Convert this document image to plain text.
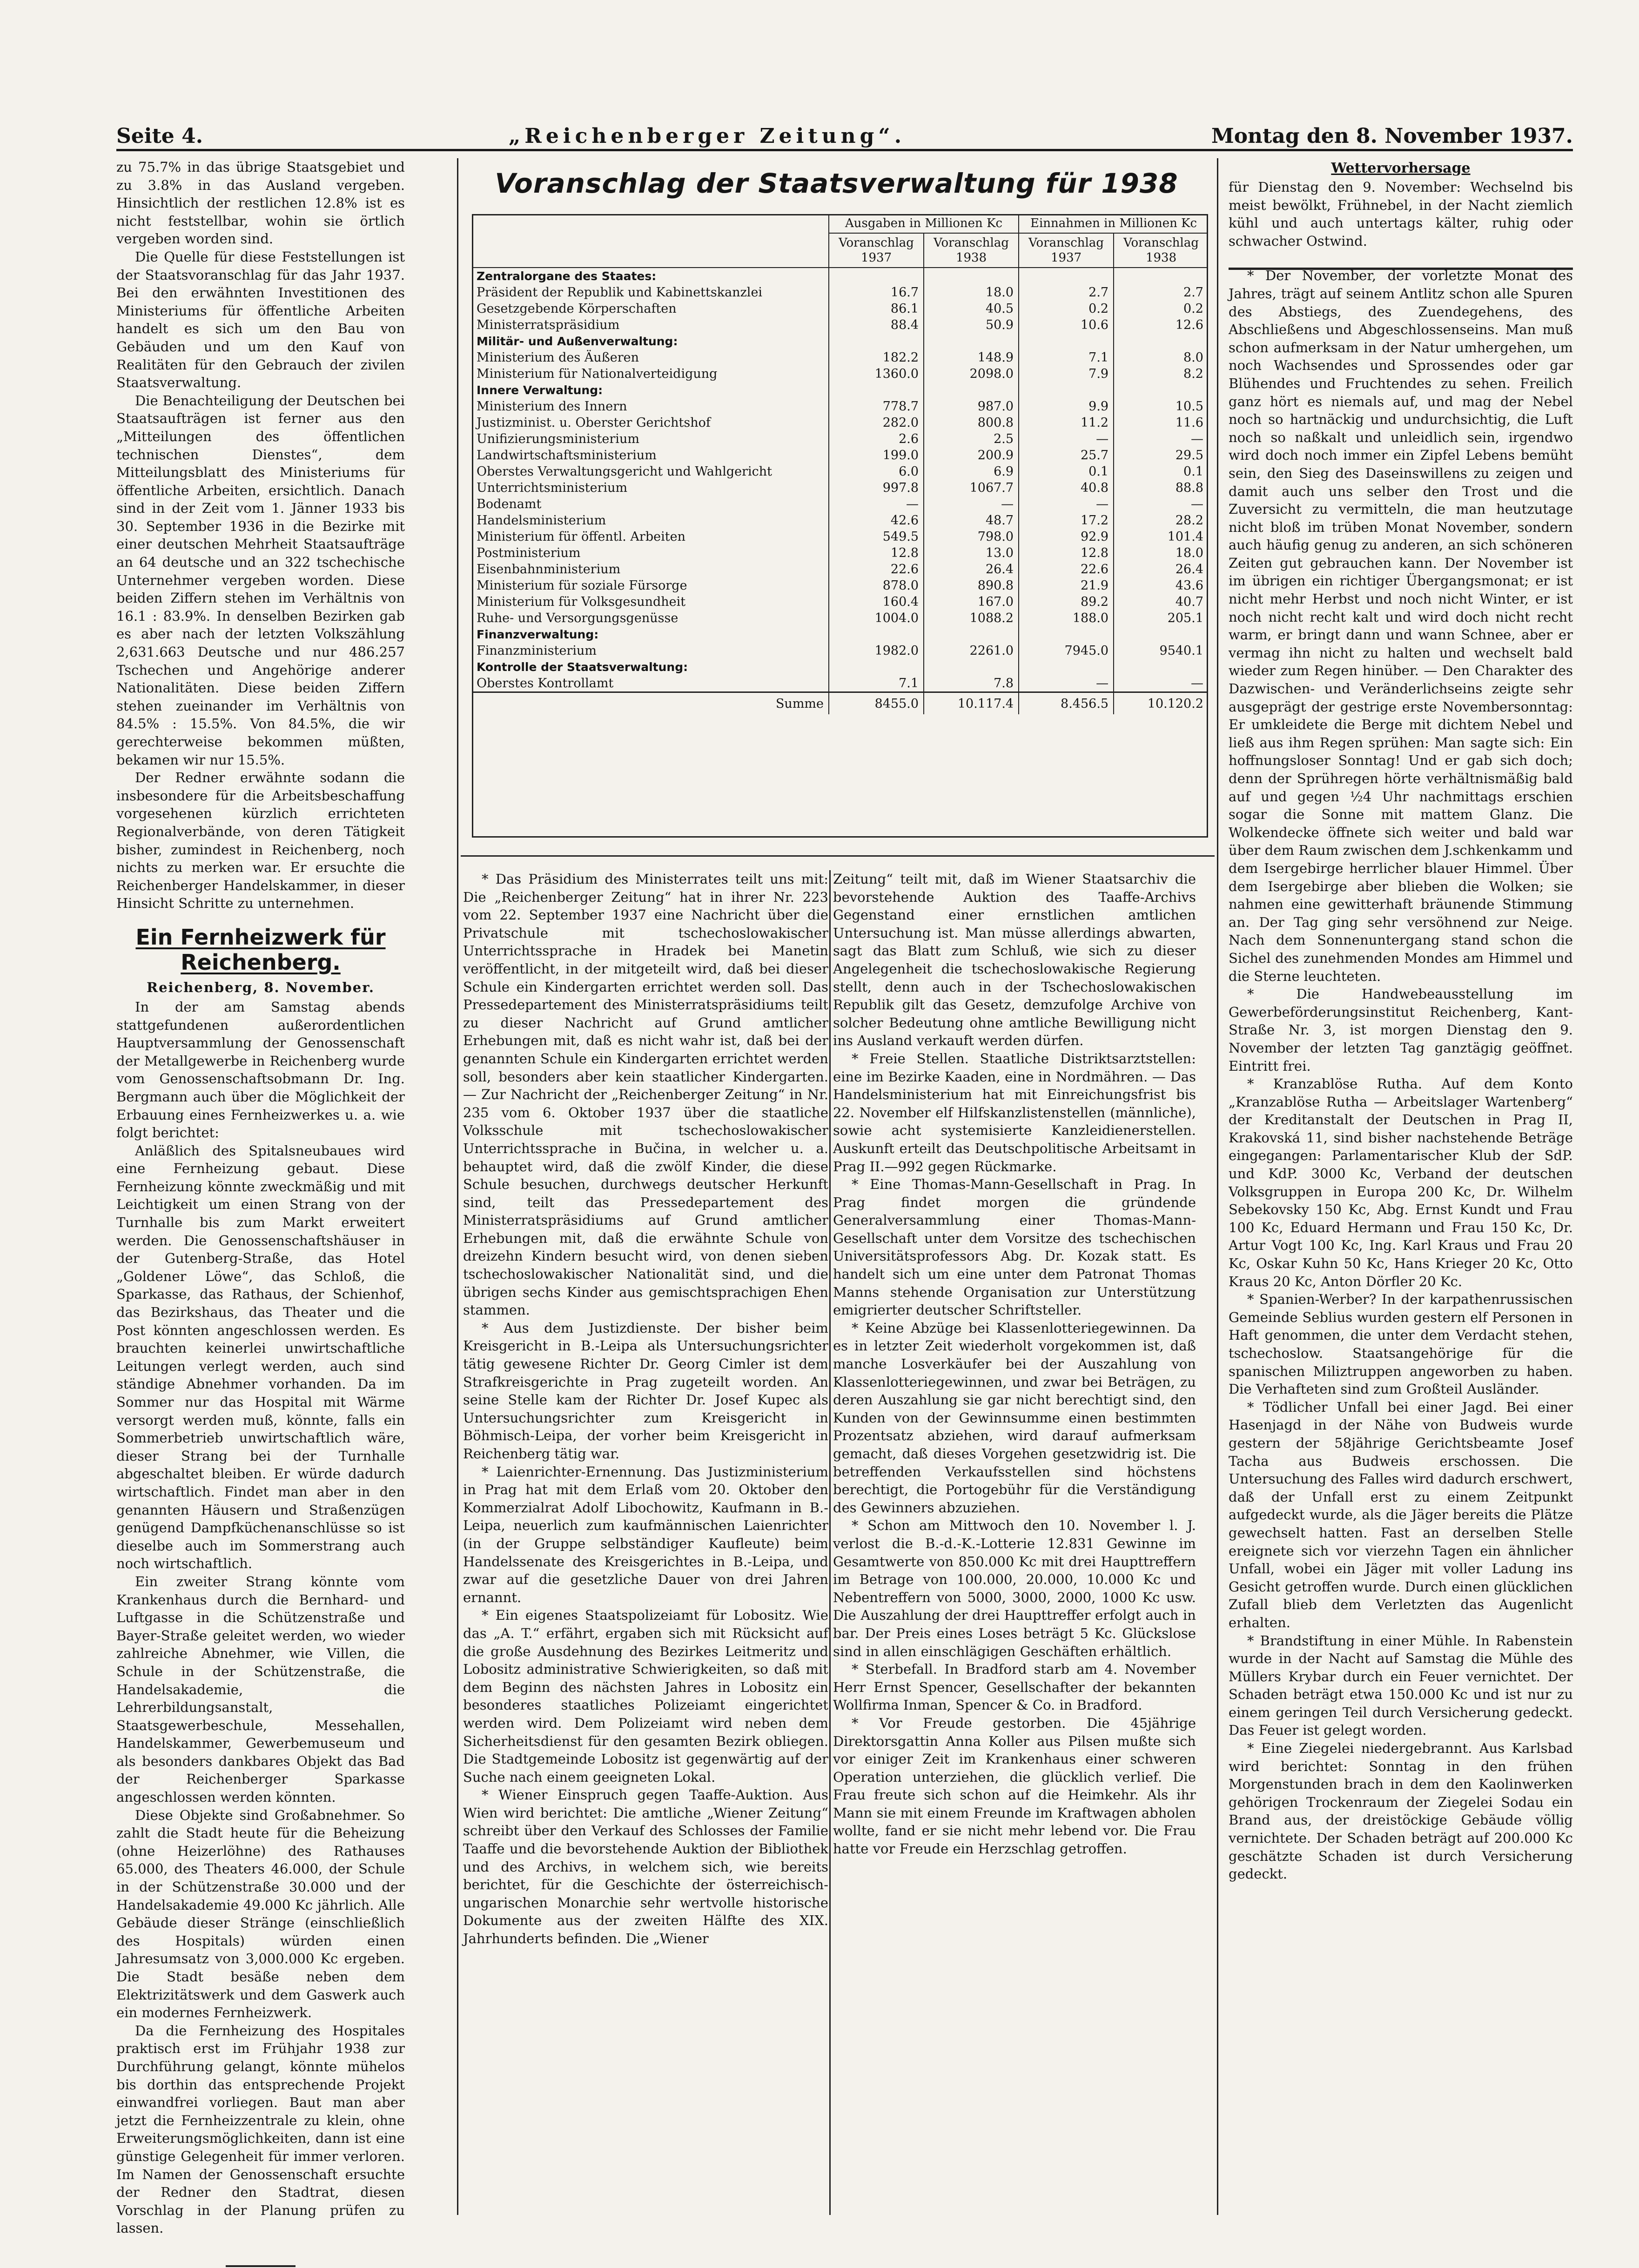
Seite 4.	„Reichenberger Zeitung“.	Montag den 8. November 1937.

zu 75.7% in das übrige Staatsgebiet und zu 3.8% in das Ausland vergeben. Hinsichtlich der restlichen 12.8% ist es nicht feststellbar, wohin sie örtlich vergeben worden sind.

Die Quelle für diese Feststellungen ist der Staatsvoranschlag für das Jahr 1937. Bei den erwähnten Investitionen des Ministeriums für öffentliche Arbeiten handelt es sich um den Bau von Gebäuden und um den Kauf von Realitäten für den Gebrauch der zivilen Staatsverwaltung.

Die Benachteiligung der Deutschen bei Staatsaufträgen ist ferner aus den „Mitteilungen des öffentlichen technischen Dienstes“, dem Mitteilungsblatt des Ministeriums für öffentliche Arbeiten, ersichtlich. Danach sind in der Zeit vom 1. Jänner 1933 bis 30. September 1936 in die Bezirke mit einer deutschen Mehrheit Staatsaufträge an 64 deutsche und an 322 tschechische Unternehmer vergeben worden. Diese beiden Ziffern stehen im Verhältnis von 16.1 : 83.9%. In denselben Bezirken gab es aber nach der letzten Volkszählung 2,631.663 Deutsche und nur 486.257 Tschechen und Angehörige anderer Nationalitäten. Diese beiden Ziffern stehen zueinander im Verhältnis von 84.5% : 15.5%. Von 84.5%, die wir gerechterweise bekommen müßten, bekamen wir nur 15.5%.

Der Redner erwähnte sodann die insbesondere für die Arbeitsbeschaffung vorgesehenen kürzlich errichteten Regionalverbände, von deren Tätigkeit bisher, zumindest in Reichenberg, noch nichts zu merken war. Er ersuchte die Reichenberger Handelskammer, in dieser Hinsicht Schritte zu unternehmen.

Ein Fernheizwerk für Reichenberg.
Reichenberg, 8. November.

In der am Samstag abends stattgefundenen außerordentlichen Hauptversammlung der Genossenschaft der Metallgewerbe in Reichenberg wurde vom Genossenschaftsobmann Dr. Ing. Bergmann auch über die Möglichkeit der Erbauung eines Fernheizwerkes u. a. wie folgt berichtet:

Anläßlich des Spitalsneubaues wird eine Fernheizung gebaut. Diese Fernheizung könnte zweckmäßig und mit Leichtigkeit um einen Strang von der Turnhalle bis zum Markt erweitert werden. Die Genossenschaftshäuser in der Gutenberg-Straße, das Hotel „Goldener Löwe“, das Schloß, die Sparkasse, das Rathaus, der Schienhof, das Bezirkshaus, das Theater und die Post könnten angeschlossen werden. Es brauchten keinerlei unwirtschaftliche Leitungen verlegt werden, auch sind ständige Abnehmer vorhanden. Da im Sommer nur das Hospital mit Wärme versorgt werden muß, könnte, falls ein Sommerbetrieb unwirtschaftlich wäre, dieser Strang bei der Turnhalle abgeschaltet bleiben. Er würde dadurch wirtschaftlich. Findet man aber in den genannten Häusern und Straßenzügen genügend Dampfküchenanschlüsse so ist dieselbe auch im Sommerstrang auch noch wirtschaftlich.

Ein zweiter Strang könnte vom Krankenhaus durch die Bernhard- und Luftgasse in die Schützenstraße und Bayer-Straße geleitet werden, wo wieder zahlreiche Abnehmer, wie Villen, die Schule in der Schützenstraße, die Handelsakademie, die Lehrerbildungsanstalt, Staatsgewerbeschule, Messehallen, Handelskammer, Gewerbemuseum und als besonders dankbares Objekt das Bad der Reichenberger Sparkasse angeschlossen werden könnten.

Diese Objekte sind Großabnehmer. So zahlt die Stadt heute für die Beheizung (ohne Heizerlöhne) des Rathauses 65.000, des Theaters 46.000, der Schule in der Schützenstraße 30.000 und der Handelsakademie 49.000 Kc jährlich. Alle Gebäude dieser Stränge (einschließlich des Hospitals) würden einen Jahresumsatz von 3,000.000 Kc ergeben. Die Stadt besäße neben dem Elektrizitätswerk und dem Gaswerk auch ein modernes Fernheizwerk.

Da die Fernheizung des Hospitales praktisch erst im Frühjahr 1938 zur Durchführung gelangt, könnte mühelos bis dorthin das entsprechende Projekt einwandfrei vorliegen. Baut man aber jetzt die Fernheizzentrale zu klein, ohne Erweiterungsmöglichkeiten, dann ist eine günstige Gelegenheit für immer verloren. Im Namen der Genossenschaft ersuchte der Redner den Stadtrat, diesen Vorschlag in der Planung prüfen zu lassen.

Voranschlag der Staatsverwaltung für 1938
	Ausgaben in Millionen Kc		Einnahmen in Millionen Kc	
	Voranschlag 1937	Voranschlag 1938	Voranschlag 1937	Voranschlag 1938
Zentralorgane des Staates:				
Präsident der Republik und Kabinettskanzlei	16.7	18.0	2.7	2.7
Gesetzgebende Körperschaften	86.1	40.5	0.2	0.2
Ministerratspräsidium	88.4	50.9	10.6	12.6
Militär- und Außenverwaltung:				
Ministerium des Äußeren	182.2	148.9	7.1	8.0
Ministerium für Nationalverteidigung	1360.0	2098.0	7.9	8.2
Innere Verwaltung:				
Ministerium des Innern	778.7	987.0	9.9	10.5
Justizminist. u. Oberster Gerichtshof	282.0	800.8	11.2	11.6
Unifizierungsministerium	2.6	2.5	—	—
Landwirtschaftsministerium	199.0	200.9	25.7	29.5
Oberstes Verwaltungsgericht und Wahlgericht	6.0	6.9	0.1	0.1
Unterrichtsministerium	997.8	1067.7	40.8	88.8
Bodenamt	—	—	—	—
Handelsministerium	42.6	48.7	17.2	28.2
Ministerium für öffentl. Arbeiten	549.5	798.0	92.9	101.4
Postministerium	12.8	13.0	12.8	18.0
Eisenbahnministerium	22.6	26.4	22.6	26.4
Ministerium für soziale Fürsorge	878.0	890.8	21.9	43.6
Ministerium für Volksgesundheit	160.4	167.0	89.2	40.7
Ruhe- und Versorgungsgenüsse	1004.0	1088.2	188.0	205.1
Finanzverwaltung:				
Finanzministerium	1982.0	2261.0	7945.0	9540.1
Kontrolle der Staatsverwaltung:				
Oberstes Kontrollamt	7.1	7.8	—	—
Summe	8455.0	10.117.4	8.456.5	10.120.2

* Das Präsidium des Ministerrates teilt uns mit: Die „Reichenberger Zeitung“ hat in ihrer Nr. 223 vom 22. September 1937 eine Nachricht über die Privatschule mit tschechoslowakischer Unterrichtssprache in Hradek bei Manetin veröffentlicht, in der mitgeteilt wird, daß bei dieser Schule ein Kindergarten errichtet werden soll. Das Pressedepartement des Ministerratspräsidiums teilt zu dieser Nachricht auf Grund amtlicher Erhebungen mit, daß es nicht wahr ist, daß bei der genannten Schule ein Kindergarten errichtet werden soll, besonders aber kein staatlicher Kindergarten. — Zur Nachricht der „Reichenberger Zeitung“ in Nr. 235 vom 6. Oktober 1937 über die staatliche Volksschule mit tschechoslowakischer Unterrichtssprache in Bučina, in welcher u. a. behauptet wird, daß die zwölf Kinder, die diese Schule besuchen, durchwegs deutscher Herkunft sind, teilt das Pressedepartement des Ministerratspräsidiums auf Grund amtlicher Erhebungen mit, daß die erwähnte Schule von dreizehn Kindern besucht wird, von denen sieben tschechoslowakischer Nationalität sind, und die übrigen sechs Kinder aus gemischtsprachigen Ehen stammen.

* Aus dem Justizdienste. Der bisher beim Kreisgericht in B.-Leipa als Untersuchungsrichter tätig gewesene Richter Dr. Georg Cimler ist dem Strafkreisgerichte in Prag zugeteilt worden. An seine Stelle kam der Richter Dr. Josef Kupec als Untersuchungsrichter zum Kreisgericht in Böhmisch-Leipa, der vorher beim Kreisgericht in Reichenberg tätig war.

* Laienrichter-Ernennung. Das Justizministerium in Prag hat mit dem Erlaß vom 20. Oktober den Kommerzialrat Adolf Libochowitz, Kaufmann in B.-Leipa, neuerlich zum kaufmännischen Laienrichter (in der Gruppe selbständiger Kaufleute) beim Handelssenate des Kreisgerichtes in B.-Leipa, und zwar auf die gesetzliche Dauer von drei Jahren ernannt.

* Ein eigenes Staatspolizeiamt für Lobositz. Wie das „A. T.“ erfährt, ergaben sich mit Rücksicht auf die große Ausdehnung des Bezirkes Leitmeritz und Lobositz administrative Schwierigkeiten, so daß mit dem Beginn des nächsten Jahres in Lobositz ein besonderes staatliches Polizeiamt eingerichtet werden wird. Dem Polizeiamt wird neben dem Sicherheitsdienst für den gesamten Bezirk obliegen. Die Stadtgemeinde Lobositz ist gegenwärtig auf der Suche nach einem geeigneten Lokal.

* Wiener Einspruch gegen Taaffe-Auktion. Aus Wien wird berichtet: Die amtliche „Wiener Zeitung“ schreibt über den Verkauf des Schlosses der Familie Taaffe und die bevorstehende Auktion der Bibliothek und des Archivs, in welchem sich, wie bereits berichtet, für die Geschichte der österreichisch-ungarischen Monarchie sehr wertvolle historische Dokumente aus der zweiten Hälfte des XIX. Jahrhunderts befinden. Die „Wiener

Zeitung“ teilt mit, daß im Wiener Staatsarchiv die bevorstehende Auktion des Taaffe-Archivs Gegenstand einer ernstlichen amtlichen Untersuchung ist. Man müsse allerdings abwarten, sagt das Blatt zum Schluß, wie sich zu dieser Angelegenheit die tschechoslowakische Regierung stellt, denn auch in der Tschechoslowakischen Republik gilt das Gesetz, demzufolge Archive von solcher Bedeutung ohne amtliche Bewilligung nicht ins Ausland verkauft werden dürfen.

* Freie Stellen. Staatliche Distriktsarztstellen: eine im Bezirke Kaaden, eine in Nordmähren. — Das Handelsministerium hat mit Einreichungsfrist bis 22. November elf Hilfskanzlistenstellen (männliche), sowie acht systemisierte Kanzleidienerstellen. Auskunft erteilt das Deutschpolitische Arbeitsamt in Prag II.—992 gegen Rückmarke.

* Eine Thomas-Mann-Gesellschaft in Prag. In Prag findet morgen die gründende Generalversammlung einer Thomas-Mann-Gesellschaft unter dem Vorsitze des tschechischen Universitätsprofessors Abg. Dr. Kozak statt. Es handelt sich um eine unter dem Patronat Thomas Manns stehende Organisation zur Unterstützung emigrierter deutscher Schriftsteller.

* Keine Abzüge bei Klassenlotteriegewinnen. Da es in letzter Zeit wiederholt vorgekommen ist, daß manche Losverkäufer bei der Auszahlung von Klassenlotteriegewinnen, und zwar bei Beträgen, zu deren Auszahlung sie gar nicht berechtigt sind, den Kunden von der Gewinnsumme einen bestimmten Prozentsatz abziehen, wird darauf aufmerksam gemacht, daß dieses Vorgehen gesetzwidrig ist. Die betreffenden Verkaufsstellen sind höchstens berechtigt, die Portogebühr für die Verständigung des Gewinners abzuziehen.

* Schon am Mittwoch den 10. November l. J. verlost die B.-d.-K.-Lotterie 12.831 Gewinne im Gesamtwerte von 850.000 Kc mit drei Haupttreffern im Betrage von 100.000, 20.000, 10.000 Kc und Nebentreffern von 5000, 3000, 2000, 1000 Kc usw. Die Auszahlung der drei Haupttreffer erfolgt auch in bar. Der Preis eines Loses beträgt 5 Kc. Glückslose sind in allen einschlägigen Geschäften erhältlich.

* Sterbefall. In Bradford starb am 4. November Herr Ernst Spencer, Gesellschafter der bekannten Wollfirma Inman, Spencer & Co. in Bradford.

* Vor Freude gestorben. Die 45jährige Direktorsgattin Anna Koller aus Pilsen mußte sich vor einiger Zeit im Krankenhaus einer schweren Operation unterziehen, die glücklich verlief. Die Frau freute sich schon auf die Heimkehr. Als ihr Mann sie mit einem Freunde im Kraftwagen abholen wollte, fand er sie nicht mehr lebend vor. Die Frau hatte vor Freude ein Herzschlag getroffen.

Wettervorhersage

für Dienstag den 9. November: Wechselnd bis meist bewölkt, Frühnebel, in der Nacht ziemlich kühl und auch untertags kälter, ruhig oder schwacher Ostwind.

* Der November, der vorletzte Monat des Jahres, trägt auf seinem Antlitz schon alle Spuren des Abstiegs, des Zuendegehens, des Abschließens und Abgeschlossenseins. Man muß schon aufmerksam in der Natur umhergehen, um noch Wachsendes und Sprossendes oder gar Blühendes und Fruchtendes zu sehen. Freilich ganz hört es niemals auf, und mag der Nebel noch so hartnäckig und undurchsichtig, die Luft noch so naßkalt und unleidlich sein, irgendwo wird doch noch immer ein Zipfel Lebens bemüht sein, den Sieg des Daseinswillens zu zeigen und damit auch uns selber den Trost und die Zuversicht zu vermitteln, die man heutzutage nicht bloß im trüben Monat November, sondern auch häufig genug zu anderen, an sich schöneren Zeiten gut gebrauchen kann. Der November ist im übrigen ein richtiger Übergangsmonat; er ist nicht mehr Herbst und noch nicht Winter, er ist noch nicht recht kalt und wird doch nicht recht warm, er bringt dann und wann Schnee, aber er vermag ihn nicht zu halten und wechselt bald wieder zum Regen hinüber. — Den Charakter des Dazwischen- und Veränderlichseins zeigte sehr ausgeprägt der gestrige erste Novembersonntag: Er umkleidete die Berge mit dichtem Nebel und ließ aus ihm Regen sprühen: Man sagte sich: Ein hoffnungsloser Sonntag! Und er gab sich doch; denn der Sprühregen hörte verhältnismäßig bald auf und gegen ½4 Uhr nachmittags erschien sogar die Sonne mit mattem Glanz. Die Wolkendecke öffnete sich weiter und bald war über dem Raum zwischen dem J.schkenkamm und dem Isergebirge herrlicher blauer Himmel. Über dem Isergebirge aber blieben die Wolken; sie nahmen eine gewitterhaft bräunende Stimmung an. Der Tag ging sehr versöhnend zur Neige. Nach dem Sonnenuntergang stand schon die Sichel des zunehmenden Mondes am Himmel und die Sterne leuchteten.

* Die Handwebeausstellung im Gewerbeförderungsinstitut Reichenberg, Kant-Straße Nr. 3, ist morgen Dienstag den 9. November der letzten Tag ganztägig geöffnet. Eintritt frei.

* Kranzablöse Rutha. Auf dem Konto „Kranzablöse Rutha — Arbeitslager Wartenberg“ der Kreditanstalt der Deutschen in Prag II, Krakovská 11, sind bisher nachstehende Beträge eingegangen: Parlamentarischer Klub der SdP. und KdP. 3000 Kc, Verband der deutschen Volksgruppen in Europa 200 Kc, Dr. Wilhelm Sebekovsky 150 Kc, Abg. Ernst Kundt und Frau 100 Kc, Eduard Hermann und Frau 150 Kc, Dr. Artur Vogt 100 Kc, Ing. Karl Kraus und Frau 20 Kc, Oskar Kuhn 50 Kc, Hans Krieger 20 Kc, Otto Kraus 20 Kc, Anton Dörfler 20 Kc.

* Spanien-Werber? In der karpathenrussischen Gemeinde Seblius wurden gestern elf Personen in Haft genommen, die unter dem Verdacht stehen, tschechoslow. Staatsangehörige für die spanischen Miliztruppen angeworben zu haben. Die Verhafteten sind zum Großteil Ausländer.

* Tödlicher Unfall bei einer Jagd. Bei einer Hasenjagd in der Nähe von Budweis wurde gestern der 58jährige Gerichtsbeamte Josef Tacha aus Budweis erschossen. Die Untersuchung des Falles wird dadurch erschwert, daß der Unfall erst zu einem Zeitpunkt aufgedeckt wurde, als die Jäger bereits die Plätze gewechselt hatten. Fast an derselben Stelle ereignete sich vor vierzehn Tagen ein ähnlicher Unfall, wobei ein Jäger mit voller Ladung ins Gesicht getroffen wurde. Durch einen glücklichen Zufall blieb dem Verletzten das Augenlicht erhalten.

* Brandstiftung in einer Mühle. In Rabenstein wurde in der Nacht auf Samstag die Mühle des Müllers Krybar durch ein Feuer vernichtet. Der Schaden beträgt etwa 150.000 Kc und ist nur zu einem geringen Teil durch Versicherung gedeckt. Das Feuer ist gelegt worden.

* Eine Ziegelei niedergebrannt. Aus Karlsbad wird berichtet: Sonntag in den frühen Morgenstunden brach in dem den Kaolinwerken gehörigen Trockenraum der Ziegelei Sodau ein Brand aus, der dreistöckige Gebäude völlig vernichtete. Der Schaden beträgt auf 200.000 Kc geschätzte Schaden ist durch Versicherung gedeckt.
